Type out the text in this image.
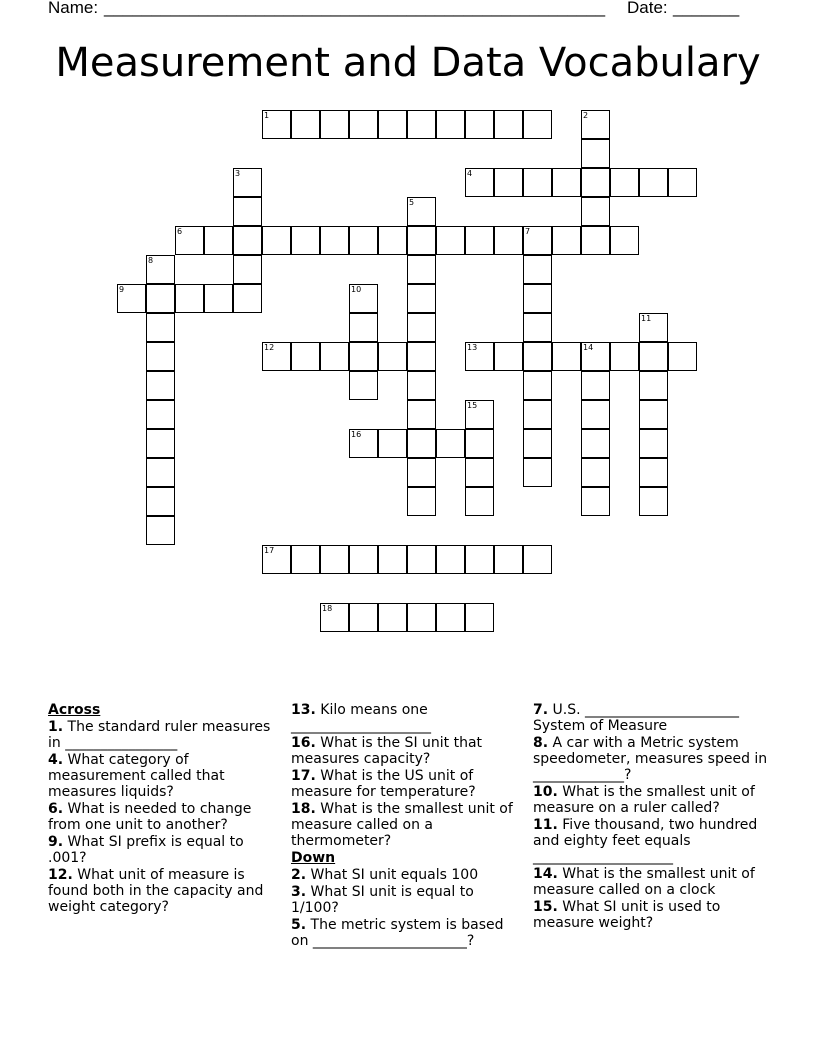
Name: _____________________________________________________ Date: _______
Measurement and Data Vocabulary
1	2
3	4
5
6	7
8
9	10
11
12	13	14
15
16
17
18
Across
1. The standard ruler measures in ________________
4. What category of measurement called that measures liquids?
6. What is needed to change from one unit to another?
9. What SI prefix is equal to .001?
12. What unit of measure is found both in the capacity and weight category?
13. Kilo means one ____________________
16. What is the SI unit that measures capacity?
17. What is the US unit of measure for temperature?
18. What is the smallest unit of measure called on a thermometer?
Down
2. What SI unit equals 100
3. What SI unit is equal to 1/100?
5. The metric system is based on ______________________?
7. U.S. ______________________ System of Measure
8. A car with a Metric system speedometer, measures speed in _____________?
10. What is the smallest unit of measure on a ruler called?
11. Five thousand, two hundred and eighty feet equals ____________________
14. What is the smallest unit of measure called on a clock
15. What SI unit is used to measure weight?
